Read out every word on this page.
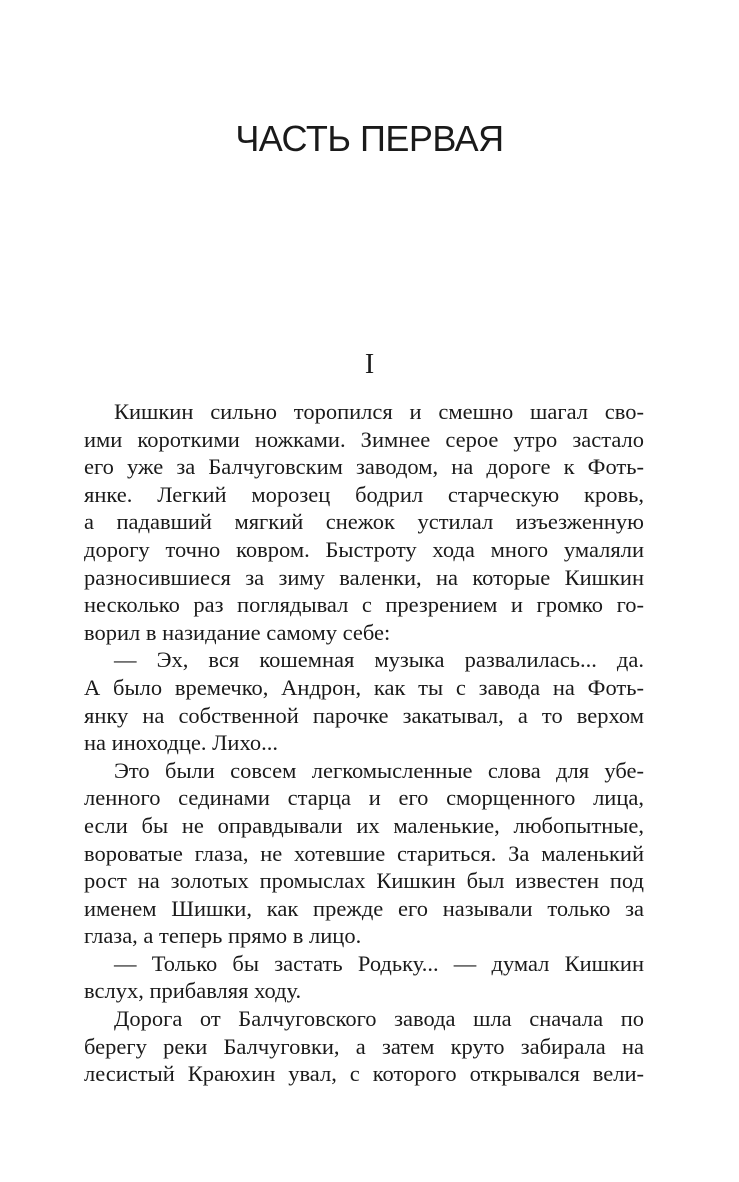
ЧАСТЬ ПЕРВАЯ
I
Кишкин сильно торопился и смешно шагал сво-
ими короткими ножками. Зимнее серое утро застало
его уже за Балчуговским заводом, на дороге к Фоть-
янке. Легкий морозец бодрил старческую кровь,
а падавший мягкий снежок устилал изъезженную
дорогу точно ковром. Быстроту хода много умаляли
разносившиеся за зиму валенки, на которые Кишкин
несколько раз поглядывал с презрением и громко го-
ворил в назидание самому себе:
— Эх, вся кошемная музыка развалилась... да.
А было времечко, Андрон, как ты с завода на Фоть-
янку на собственной парочке закатывал, а то верхом
на иноходце. Лихо...
Это были совсем легкомысленные слова для убе-
ленного сединами старца и его сморщенного лица,
если бы не оправдывали их маленькие, любопытные,
вороватые глаза, не хотевшие стариться. За маленький
рост на золотых промыслах Кишкин был известен под
именем Шишки, как прежде его называли только за
глаза, а теперь прямо в лицо.
— Только бы застать Родьку... — думал Кишкин
вслух, прибавляя ходу.
Дорога от Балчуговского завода шла сначала по
берегу реки Балчуговки, а затем круто забирала на
лесистый Краюхин увал, с которого открывался вели-
